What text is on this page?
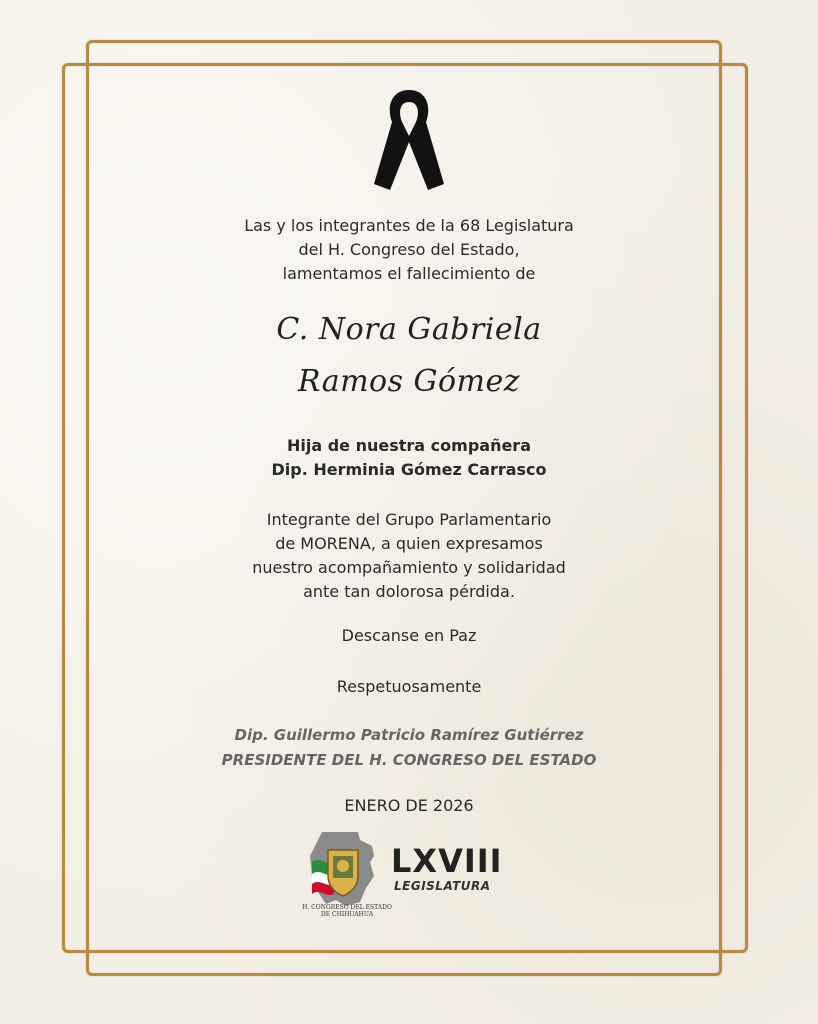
Las y los integrantes de la 68 Legislatura
del H. Congreso del Estado,
lamentamos el fallecimiento de
C. Nora Gabriela
Ramos Gómez
Hija de nuestra compañera
Dip. Herminia Gómez Carrasco
Integrante del Grupo Parlamentario
de MORENA, a quien expresamos
nuestro acompañamiento y solidaridad
ante tan dolorosa pérdida.
Descanse en Paz
Respetuosamente
Dip. Guillermo Patricio Ramírez Gutiérrez
PRESIDENTE DEL H. CONGRESO DEL ESTADO
ENERO DE 2026
LXVIII
LEGISLATURA
H. CONGRESO DEL ESTADO
DE CHIHUAHUA
